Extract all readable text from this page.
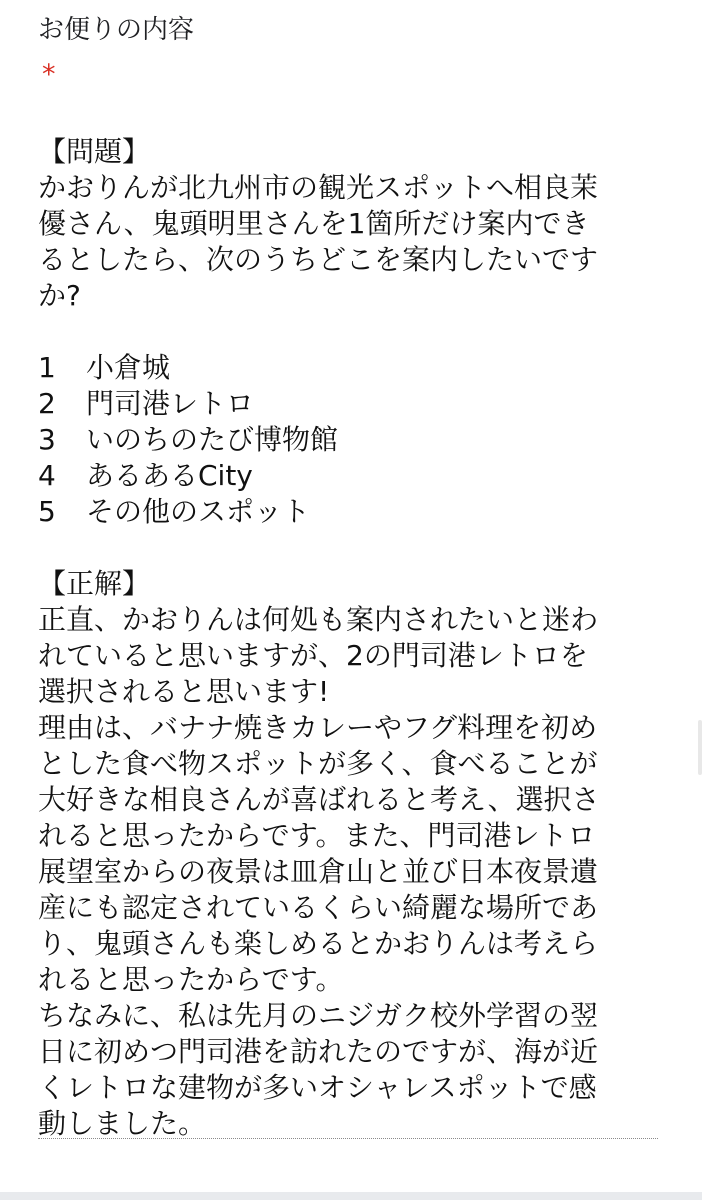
お便りの内容
*
【問題】
かおりんが北九州市の観光スポットへ相良茉
優さん、鬼頭明里さんを1箇所だけ案内でき
るとしたら、次のうちどこを案内したいです
か?
1	小倉城
2	門司港レトロ
3	いのちのたび博物館
4	あるあるCity
5	その他のスポット
【正解】
正直、かおりんは何処も案内されたいと迷わ
れていると思いますが、2の門司港レトロを
選択されると思います!
理由は、バナナ焼きカレーやフグ料理を初め
とした食べ物スポットが多く、食べることが
大好きな相良さんが喜ばれると考え、選択さ
れると思ったからです。また、門司港レトロ
展望室からの夜景は皿倉山と並び日本夜景遺
産にも認定されているくらい綺麗な場所であ
り、鬼頭さんも楽しめるとかおりんは考えら
れると思ったからです。
ちなみに、私は先月のニジガク校外学習の翌
日に初めつ門司港を訪れたのですが、海が近
くレトロな建物が多いオシャレスポットで感
動しました。
